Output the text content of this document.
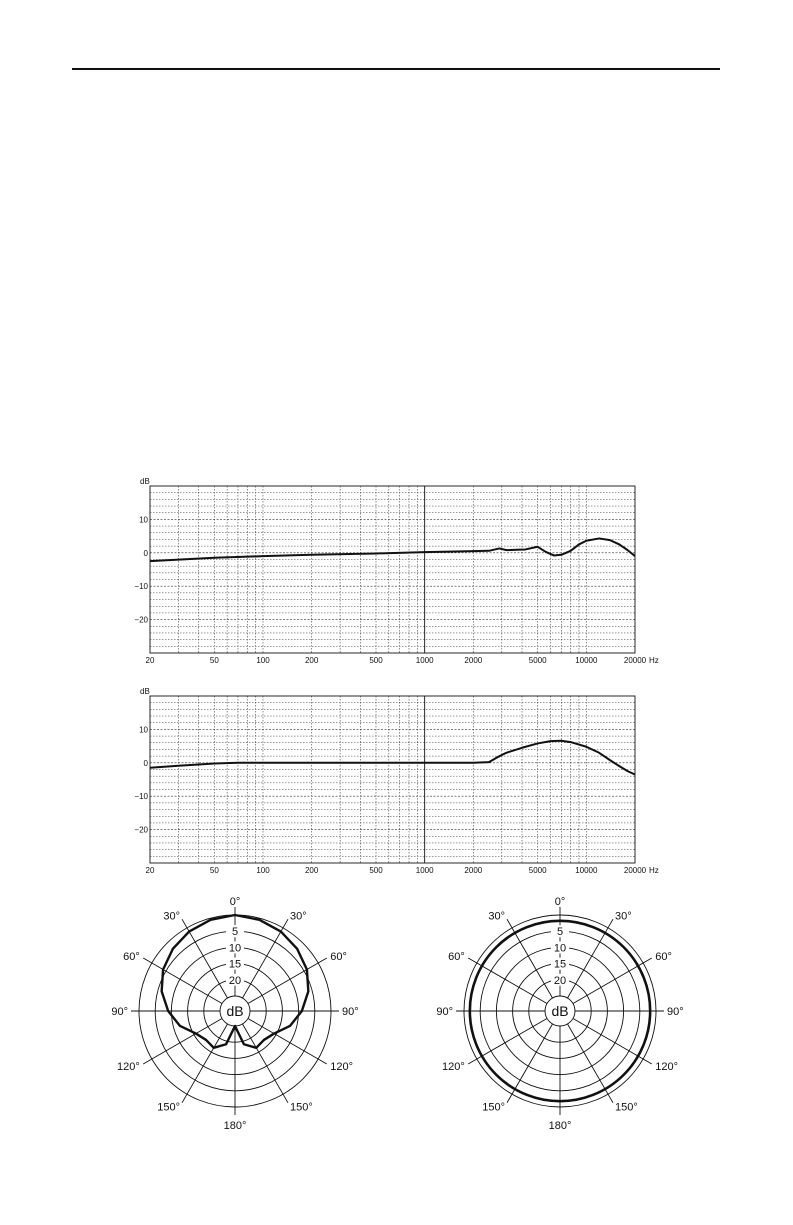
dB
10
0
−10
−20
20	50	100	200	500	1000	2000	5000	10000	20000 Hz
dB
10
0
−10
−20
20	50	100	200	500	1000	2000	5000	10000	20000 Hz
5
10
15
20
dB
0°
30°	30°
60°	60°
90°	90°
120°	120°
150°	150°
180°
5
10
15
20
dB
0°
30°	30°
60°	60°
90°	90°
120°	120°
150°	150°
180°
